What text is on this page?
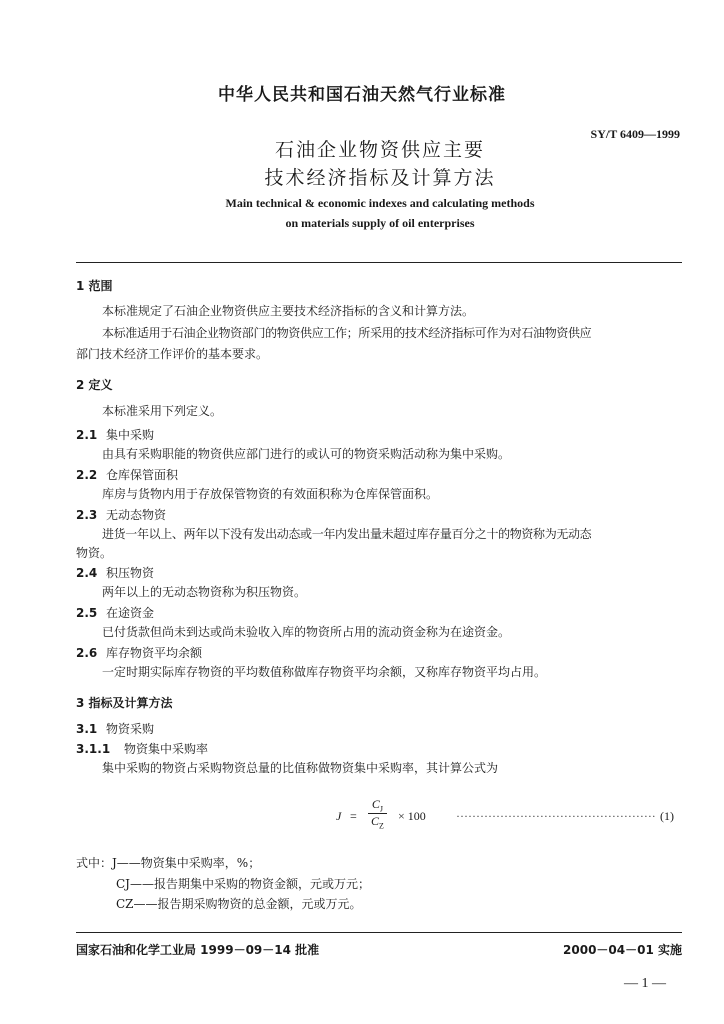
中华人民共和国石油天然气行业标准
SY/T 6409—1999
石油企业物资供应主要
技术经济指标及计算方法
Main technical & economic indexes and calculating methods
on materials supply of oil enterprises
1 范围
本标准规定了石油企业物资供应主要技术经济指标的含义和计算方法。
本标准适用于石油企业物资部门的物资供应工作；所采用的技术经济指标可作为对石油物资供应
部门技术经济工作评价的基本要求。
2 定义
本标准采用下列定义。
2.1 集中采购
由具有采购职能的物资供应部门进行的或认可的物资采购活动称为集中采购。
2.2 仓库保管面积
库房与货物内用于存放保管物资的有效面积称为仓库保管面积。
2.3 无动态物资
进货一年以上、两年以下没有发出动态或一年内发出量未超过库存量百分之十的物资称为无动态
物资。
2.4 积压物资
两年以上的无动态物资称为积压物资。
2.5 在途资金
已付货款但尚未到达或尚未验收入库的物资所占用的流动资金称为在途资金。
2.6 库存物资平均余额
一定时期实际库存物资的平均数值称做库存物资平均余额，又称库存物资平均占用。
3 指标及计算方法
3.1 物资采购
3.1.1 物资集中采购率
集中采购的物资占采购物资总量的比值称做物资集中采购率，其计算公式为
$J = \frac{C_J}{C_Z} \times 100$	·················································· (1)
式中：J——物资集中采购率，%；
CJ——报告期集中采购的物资金额，元或万元；
CZ——报告期采购物资的总金额，元或万元。
国家石油和化学工业局 1999－09－14 批准	2000－04－01 实施
— 1 —
